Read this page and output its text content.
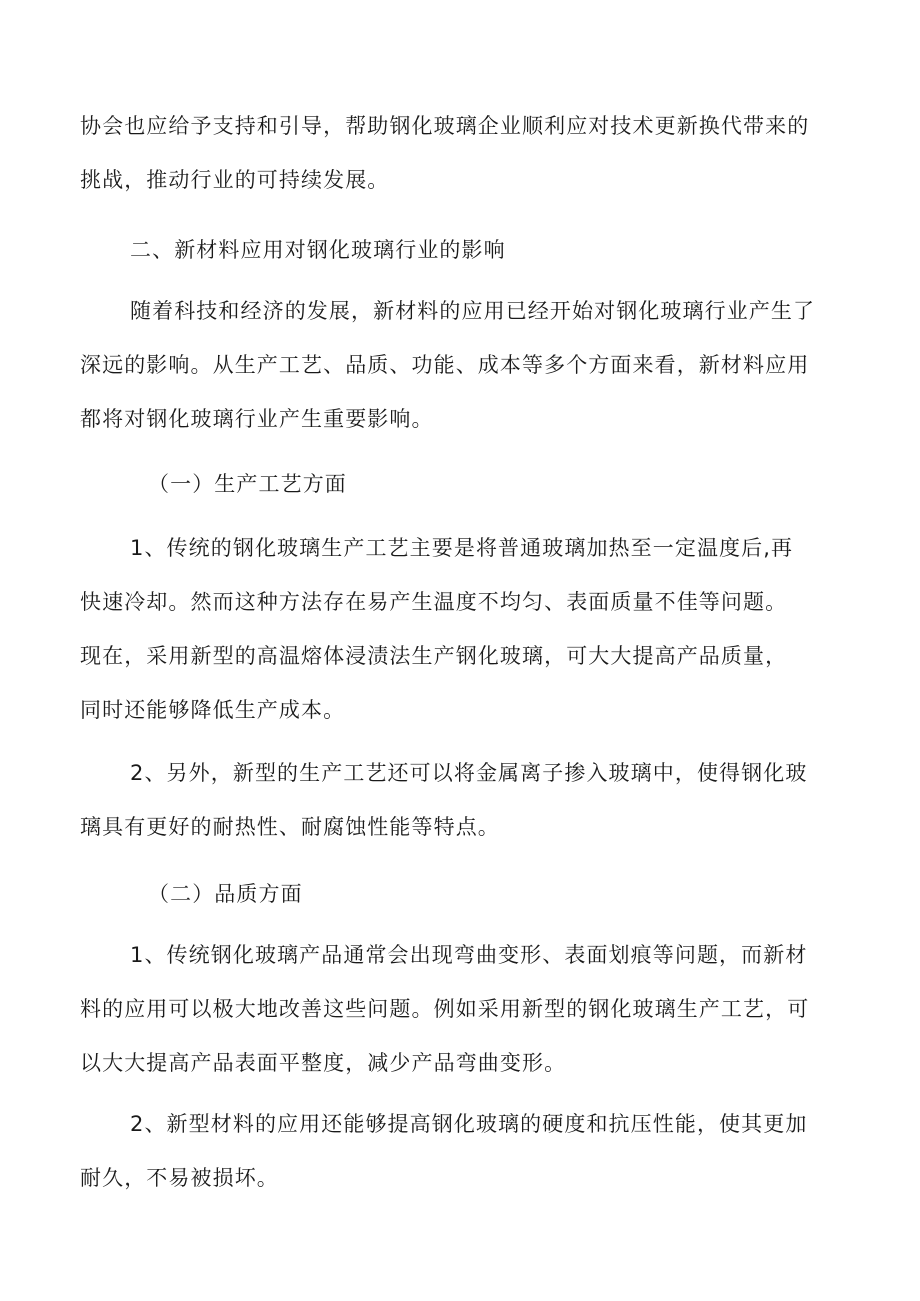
协会也应给予支持和引导，帮助钢化玻璃企业顺利应对技术更新换代带来的
挑战，推动行业的可持续发展。
二、新材料应用对钢化玻璃行业的影响
随着科技和经济的发展，新材料的应用已经开始对钢化玻璃行业产生了
深远的影响。从生产工艺、品质、功能、成本等多个方面来看，新材料应用
都将对钢化玻璃行业产生重要影响。
（一）生产工艺方面
1、传统的钢化玻璃生产工艺主要是将普通玻璃加热至一定温度后,再
快速冷却。然而这种方法存在易产生温度不均匀、表面质量不佳等问题。
现在，采用新型的高温熔体浸渍法生产钢化玻璃，可大大提高产品质量，
同时还能够降低生产成本。
2、另外，新型的生产工艺还可以将金属离子掺入玻璃中，使得钢化玻
璃具有更好的耐热性、耐腐蚀性能等特点。
（二）品质方面
1、传统钢化玻璃产品通常会出现弯曲变形、表面划痕等问题，而新材
料的应用可以极大地改善这些问题。例如采用新型的钢化玻璃生产工艺，可
以大大提高产品表面平整度，减少产品弯曲变形。
2、新型材料的应用还能够提高钢化玻璃的硬度和抗压性能，使其更加
耐久，不易被损坏。
